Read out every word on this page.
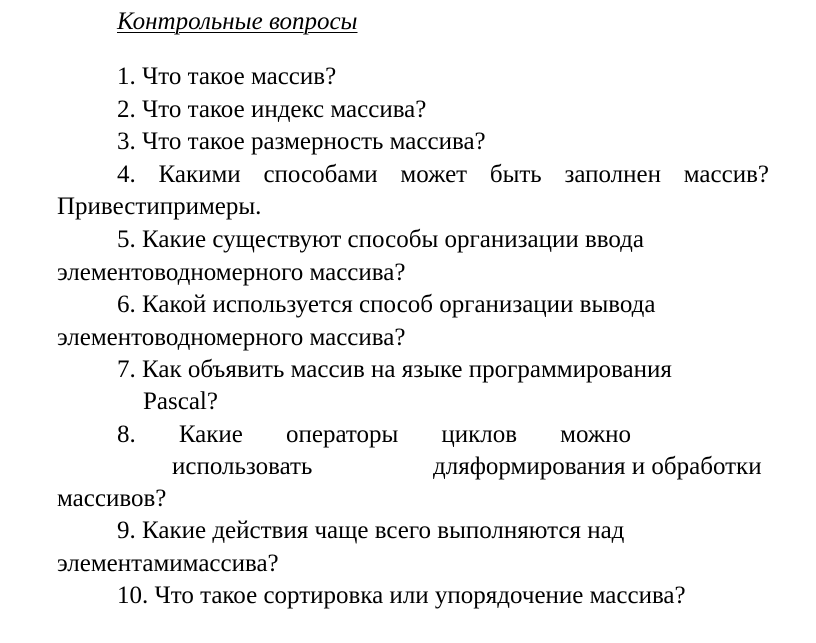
Контрольные вопросы
1. Что такое массив?
2. Что такое индекс массива?
3. Что такое размерность массива?
4. Какими способами может быть заполнен массив?
Привестипримеры.
5. Какие существуют способы организации ввода
элементоводномерного массива?
6. Какой используется способ организации вывода
элементоводномерного массива?
7. Как объявить массив на языке программирования
Pascal?
8. Какие операторы циклов можно
использовать	дляформирования и обработки
массивов?
9. Какие действия чаще всего выполняются над
элементамимассива?
10. Что такое сортировка или упорядочение массива?
